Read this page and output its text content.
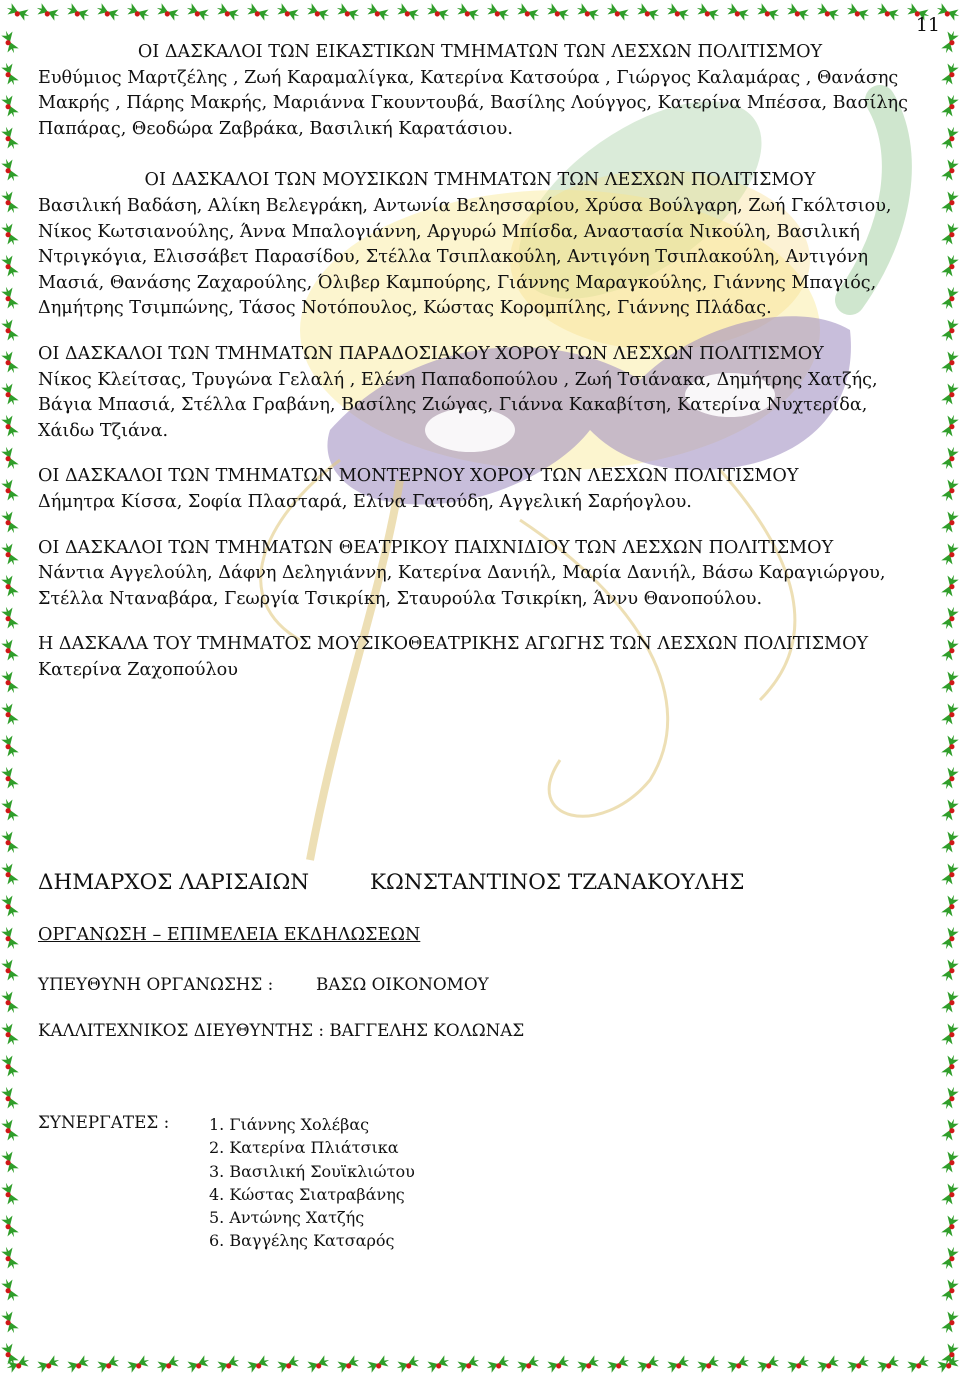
11

ΟΙ ΔΑΣΚΑΛΟΙ ΤΩΝ ΕΙΚΑΣΤΙΚΩΝ ΤΜΗΜΑΤΩΝ ΤΩΝ ΛΕΣΧΩΝ ΠΟΛΙΤΙΣΜΟΥ
Ευθύμιος Μαρτζέλης , Ζωή Καραμαλίγκα, Κατερίνα Κατσούρα , Γιώργος Καλαμάρας , Θανάσης Μακρής , Πάρης Μακρής, Μαριάννα Γκουντουβά, Βασίλης Λούγγος, Κατερίνα Μπέσσα, Βασίλης Παπάρας, Θεοδώρα Ζαβράκα, Βασιλική Καρατάσιου.

ΟΙ ΔΑΣΚΑΛΟΙ ΤΩΝ ΜΟΥΣΙΚΩΝ ΤΜΗΜΑΤΩΝ ΤΩΝ ΛΕΣΧΩΝ ΠΟΛΙΤΙΣΜΟΥ
Βασιλική Βαδάση, Αλίκη Βελεγράκη, Αντωνία Βελησσαρίου, Χρύσα Βούλγαρη, Ζωή Γκόλτσιου, Νίκος Κωτσιανούλης, Άννα Μπαλογιάννη, Αργυρώ Μπίσδα, Αναστασία Νικούλη, Βασιλική Ντριγκόγια, Ελισσάβετ Παρασίδου, Στέλλα Τσιπλακούλη, Αντιγόνη Τσιπλακούλη, Αντιγόνη Μασιά, Θανάσης Ζαχαρούλης, Όλιβερ Καμπούρης, Γιάννης Μαραγκούλης, Γιάννης Μπαγιός, Δημήτρης Τσιμπώνης, Τάσος Νοτόπουλος, Κώστας Κορομπίλης, Γιάννης Πλάδας.

ΟΙ ΔΑΣΚΑΛΟΙ ΤΩΝ ΤΜΗΜΑΤΩΝ ΠΑΡΑΔΟΣΙΑΚΟΥ ΧΟΡΟΥ ΤΩΝ ΛΕΣΧΩΝ ΠΟΛΙΤΙΣΜΟΥ
Νίκος Κλείτσας, Τρυγώνα Γελαλή , Ελένη Παπαδοπούλου , Ζωή Τσιάνακα, Δημήτρης Χατζής, Βάγια Μπασιά, Στέλλα Γραβάνη, Βασίλης Ζιώγας, Γιάννα Κακαβίτση, Κατερίνα Νυχτερίδα, Χάιδω Τζιάνα.

ΟΙ ΔΑΣΚΑΛΟΙ ΤΩΝ ΤΜΗΜΑΤΩΝ ΜΟΝΤΕΡΝΟΥ ΧΟΡΟΥ ΤΩΝ ΛΕΣΧΩΝ ΠΟΛΙΤΙΣΜΟΥ
Δήμητρα Κίσσα, Σοφία Πλασταρά, Ελίνα Γατούδη, Αγγελική Σαρήογλου.

ΟΙ ΔΑΣΚΑΛΟΙ ΤΩΝ ΤΜΗΜΑΤΩΝ ΘΕΑΤΡΙΚΟΥ ΠΑΙΧΝΙΔΙΟΥ ΤΩΝ ΛΕΣΧΩΝ ΠΟΛΙΤΙΣΜΟΥ
Νάντια Αγγελούλη, Δάφνη Δεληγιάννη, Κατερίνα Δανιήλ, Μαρία Δανιήλ, Βάσω Καραγιώργου, Στέλλα Νταναβάρα, Γεωργία Τσικρίκη, Σταυρούλα Τσικρίκη, Άννυ Θανοπούλου.

Η ΔΑΣΚΑΛΑ ΤΟΥ ΤΜΗΜΑΤΟΣ ΜΟΥΣΙΚΟΘΕΑΤΡΙΚΗΣ ΑΓΩΓΗΣ ΤΩΝ ΛΕΣΧΩΝ ΠΟΛΙΤΙΣΜΟΥ
Κατερίνα Ζαχοπούλου

ΔΗΜΑΡΧΟΣ ΛΑΡΙΣΑΙΩΝ	ΚΩΝΣΤΑΝΤΙΝΟΣ ΤΖΑΝΑΚΟΥΛΗΣ
ΟΡΓΑΝΩΣΗ – ΕΠΙΜΕΛΕΙΑ ΕΚΔΗΛΩΣΕΩΝ
ΥΠΕΥΘΥΝΗ ΟΡΓΑΝΩΣΗΣ :	ΒΑΣΩ ΟΙΚΟΝΟΜΟΥ
ΚΑΛΛΙΤΕΧΝΙΚΟΣ ΔΙΕΥΘΥΝΤΗΣ : ΒΑΓΓΕΛΗΣ ΚΟΛΩΝΑΣ
ΣΥΝΕΡΓΑΤΕΣ : 1. Γιάννης Χολέβας
2. Κατερίνα Πλιάτσικα
3. Βασιλική Σουϊκλιώτου
4. Κώστας Σιατραβάνης
5. Αντώνης Χατζής
6. Βαγγέλης Κατσαρός
